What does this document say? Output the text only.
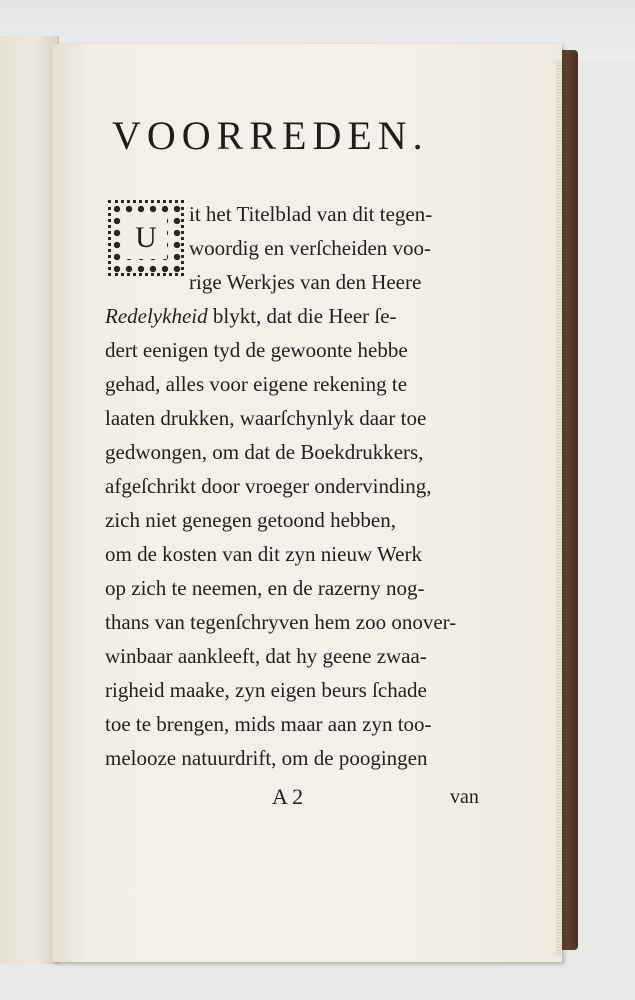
VOORREDEN.
U
it het Titelblad van dit tegen-
woordig en verſcheiden voo-
rige Werkjes van den Heere
Redelykheid blykt, dat die Heer ſe-
dert eenigen tyd de gewoonte hebbe
gehad, alles voor eigene rekening te
laaten drukken, waarſchynlyk daar toe
gedwongen, om dat de Boekdrukkers,
afgeſchrikt door vroeger ondervinding,
zich niet genegen getoond hebben,
om de kosten van dit zyn nieuw Werk
op zich te neemen, en de razerny nog-
thans van tegenſchryven hem zoo onover-
winbaar aankleeft, dat hy geene zwaa-
righeid maake, zyn eigen beurs ſchade
toe te brengen, mids maar aan zyn too-
melooze natuurdrift, om de poogingen
A 2	van
